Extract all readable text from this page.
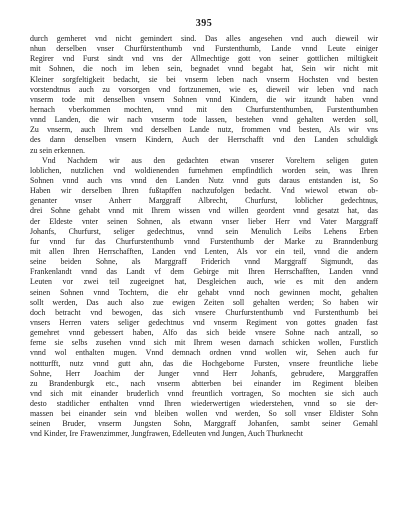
395
durch gemheret vnd nicht gemindert sind. Das alles angesehen vnd auch dieweil wir
nhun derselben vnser Churfürstenthumb vnd Furstenthumb, Lande vnnd Leute einiger
Regirer vnd Furst sindt vnd vns der Allmechtige gott von seiner gottlichen miltigkeit
mit Sohnen, die noch im leben sein, begnadet vnnd begabt hat, Sein wir nicht mit
Kleiner sorgfeltigkeit bedacht, sie bei vnserm leben nach vnserm Hochsten vnd besten
vorstendtnus auch zu vorsorgen vnd fortzunemen, wie es, dieweil wir leben vnd nach
vnserm tode mit denselben vnsern Sohnen vnnd Kindern, die wir itzundt haben vnnd
hernach vberkommen mochten, vnnd mit den Churfurstenthumben, Furstenthumben
vnnd Landen, die wir nach vnserm tode lassen, bestehen vnnd gehalten werden soll,
Zu vnserm, auch Ihrem vnd derselben Lande nutz, frommen vnd besten, Als wir vns
des dann denselben vnsern Kindern, Auch der Herrschafft vnd den Landen schuldigk
zu sein erkennen.
Vnd Nachdem wir aus den gedachten etwan vnserer Voreltern seligen guten
loblichen, nutzlichen vnd woldienenden furnehmen empfindtlich worden sein, was Ihren
Sohnen vnnd auch vns vnnd den Landen Nutz vnnd guts daraus entstanden ist, So
Haben wir derselben Ihren fußtapffen nachzufolgen bedacht. Vnd wiewol etwan ob-
genanter vnser Anherr Marggraff Albrecht, Churfurst, loblicher gedechtnus,
drei Sohne gehabt vnnd mit Ihrem wissen vnd willen geordent vnnd gesatzt hat, das
der Eldeste vnter seinen Sohnen, als etwann vnser lieber Herr vnd Vater Marggraff
Johanfs, Churfurst, seliger gedechtnus, vnnd sein Menulich Leibs Lehens Erben
fur vnnd fur das Churfurstenthumb vnnd Furstenthumb der Marke zu Branndenburg
mit allen Ihren Herrschafften, Landen vnd Lenten, Als vor ein teil, vnnd die andern
seine beiden Sohne, als Marggraff Friderich vnnd Marggraff Sigmundt, das
Frankenlandt vnnd das Landt vf dem Gebirge mit Ihren Herrschafften, Landen vnnd
Leuten vor zwei teil zugeeignet hat, Desgleichen auch, wie es mit den andern
seinen Sohnen vnnd Tochtern, die ehr gehabt vnnd noch gewinnen mocht, gehalten
sollt werden, Das auch also zue ewigen Zeiten soll gehalten werden; So haben wir
doch betracht vnd bewogen, das sich vnsere Churfurstenthumb vnd Furstenthumb bei
vnsers Herren vaters seliger gedechtnus vnd vnserm Regiment von gottes gnaden fast
gemehret vnnd gebessert haben, Alfo das sich beide vnsere Sohne nach antzall, so
ferne sie selbs zusehen vnnd sich mit Ihrem wesen darnach schicken wollen, Furstlich
vnnd wol enthalten mugen. Vnnd demnach ordnen vnnd wollen wir, Sehen auch fur
nottturfft, nutz vnnd gutt ahn, das die Hochgeborne Fursten, vnsere freuntliche liebe
Sohne, Herr Joachim der Junger vnnd Herr Johanfs, gebrudere, Marggraffen
zu Brandenburgk etc., nach vnserm abtterben bei einander im Regiment bleiben
vnd sich mit einander bruderlich vnnd freuntlich vortragen, So mochten sie sich auch
desto stadtlicher enthalten vnnd Ihren wiederwertigen wiederstehen, vnnd so sie der-
massen bei einander sein vnd bleiben wollen vnd werden, So soll vnser Eldister Sohn
seinen Bruder, vnserm Jungsten Sohn, Marggraff Johanfen, sambt seiner Gemahl
vnd Kinder, Ire Frawenzimmer, Jungfrawen, Edelleuten vnd Jungen, Auch Thurknecht
